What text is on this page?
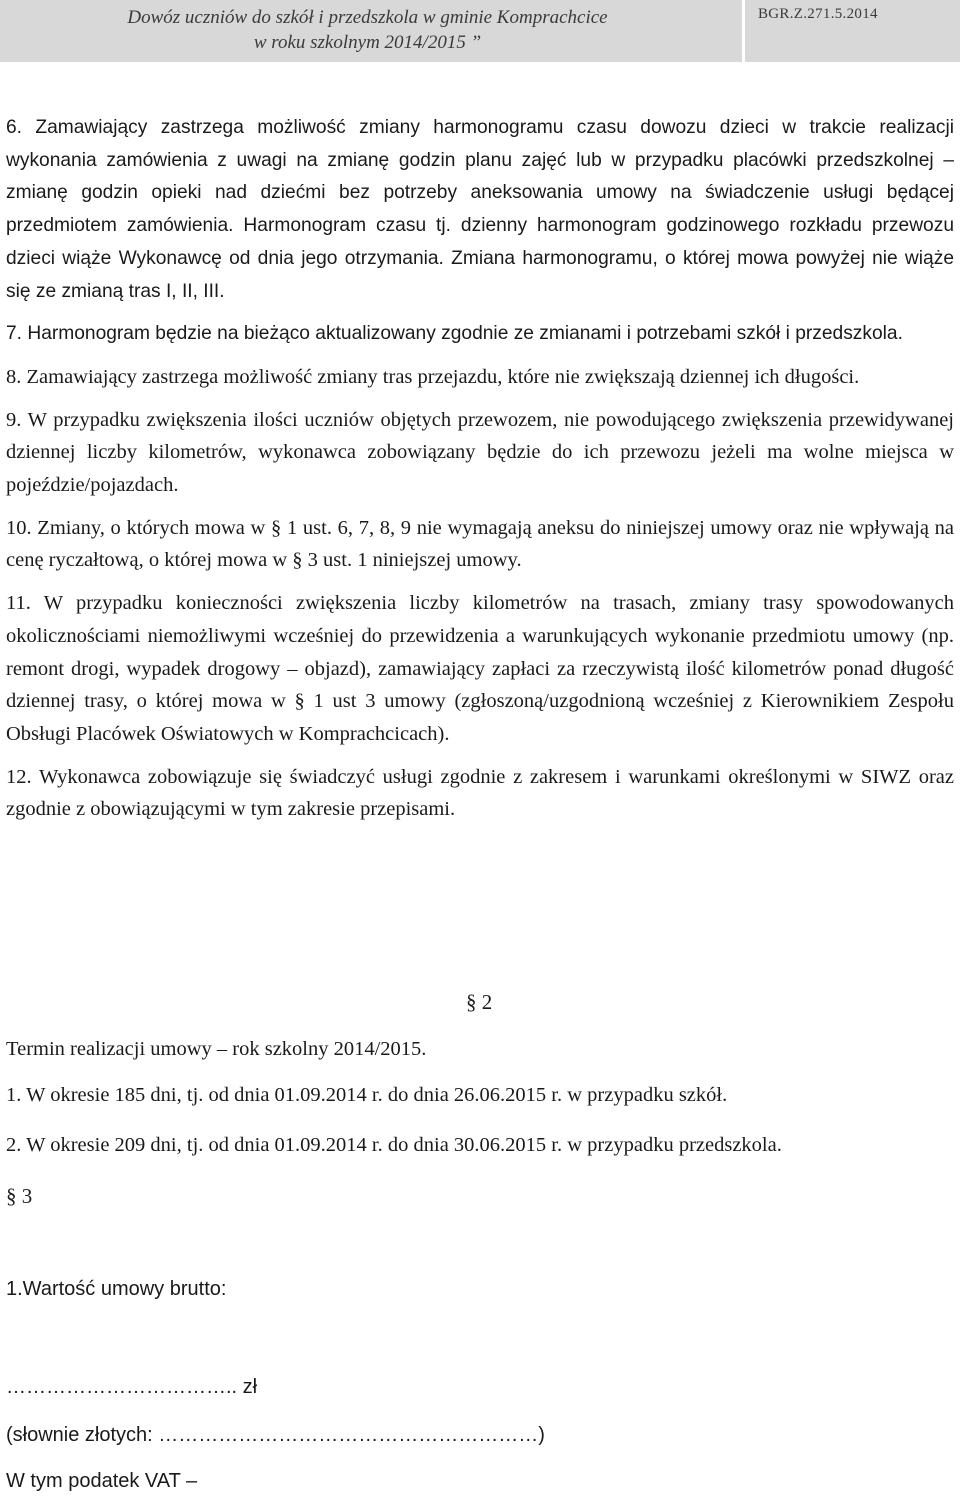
Dowóz uczniów do szkół i przedszkola w gminie Komprachcice
w roku szkolnym 2014/2015 ”
BGR.Z.271.5.2014

6. Zamawiający zastrzega możliwość zmiany harmonogramu czasu dowozu dzieci w trakcie realizacji wykonania zamówienia z uwagi na zmianę godzin planu zajęć lub w przypadku placówki przedszkolnej – zmianę godzin opieki nad dziećmi bez potrzeby aneksowania umowy na świadczenie usługi będącej przedmiotem zamówienia. Harmonogram czasu tj. dzienny harmonogram godzinowego rozkładu przewozu dzieci wiąże Wykonawcę od dnia jego otrzymania. Zmiana harmonogramu, o której mowa powyżej nie wiąże się ze zmianą tras I, II, III.

7. Harmonogram będzie na bieżąco aktualizowany zgodnie ze zmianami i potrzebami szkół i przedszkola.

8. Zamawiający zastrzega możliwość zmiany tras przejazdu, które nie zwiększają dziennej ich długości.

9. W przypadku zwiększenia ilości uczniów objętych przewozem, nie powodującego zwiększenia przewidywanej dziennej liczby kilometrów, wykonawca zobowiązany będzie do ich przewozu jeżeli ma wolne miejsca w pojeździe/pojazdach.

10. Zmiany, o których mowa w § 1 ust. 6, 7, 8, 9 nie wymagają aneksu do niniejszej umowy oraz nie wpływają na cenę ryczałtową, o której mowa w § 3 ust. 1 niniejszej umowy.

11. W przypadku konieczności zwiększenia liczby kilometrów na trasach, zmiany trasy spowodowanych okolicznościami niemożliwymi wcześniej do przewidzenia a warunkujących wykonanie przedmiotu umowy (np. remont drogi, wypadek drogowy – objazd), zamawiający zapłaci za rzeczywistą ilość kilometrów ponad długość dziennej trasy, o której mowa w § 1 ust 3 umowy (zgłoszoną/uzgodnioną wcześniej z Kierownikiem Zespołu Obsługi Placówek Oświatowych w Komprachcicach).

12. Wykonawca zobowiązuje się świadczyć usługi zgodnie z zakresem i warunkami określonymi w SIWZ oraz zgodnie z obowiązującymi w tym zakresie przepisami.

§ 2
Termin realizacji umowy – rok szkolny 2014/2015.
1. W okresie 185 dni, tj. od dnia 01.09.2014 r. do dnia 26.06.2015 r. w przypadku szkół.
2. W okresie 209 dni, tj. od dnia 01.09.2014 r. do dnia 30.06.2015 r. w przypadku przedszkola.
§ 3
1.Wartość umowy brutto:
…………………………….. zł
(słownie złotych: …………………………………………………)
W tym podatek VAT –
